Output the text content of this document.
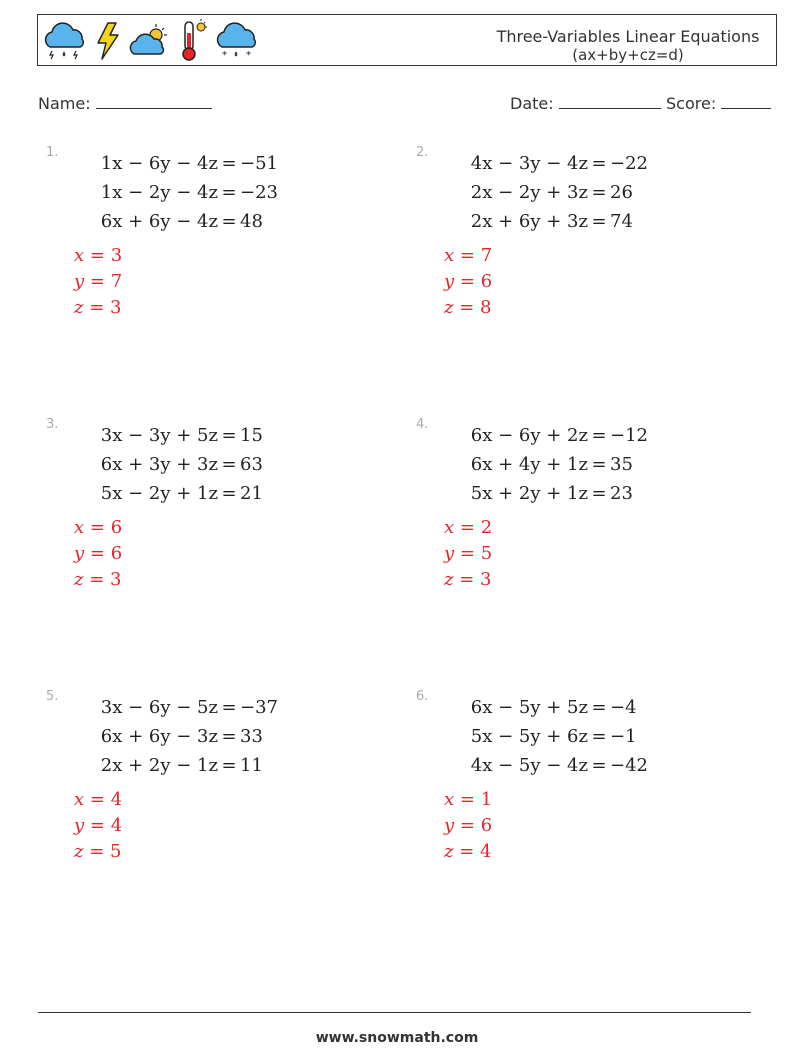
* *
Three-Variables Linear Equations
(ax+by+cz=d)
Name:	Date:	Score:
1.
1x − 6y − 4z = −51
1x − 2y − 4z = −23
6x + 6y − 4z = 48
x = 3
y = 7
z = 3
2.
4x − 3y − 4z = −22
2x − 2y + 3z = 26
2x + 6y + 3z = 74
x = 7
y = 6
z = 8
3.
3x − 3y + 5z = 15
6x + 3y + 3z = 63
5x − 2y + 1z = 21
x = 6
y = 6
z = 3
4.
6x − 6y + 2z = −12
6x + 4y + 1z = 35
5x + 2y + 1z = 23
x = 2
y = 5
z = 3
5.
3x − 6y − 5z = −37
6x + 6y − 3z = 33
2x + 2y − 1z = 11
x = 4
y = 4
z = 5
6.
6x − 5y + 5z = −4
5x − 5y + 6z = −1
4x − 5y − 4z = −42
x = 1
y = 6
z = 4
www.snowmath.com
